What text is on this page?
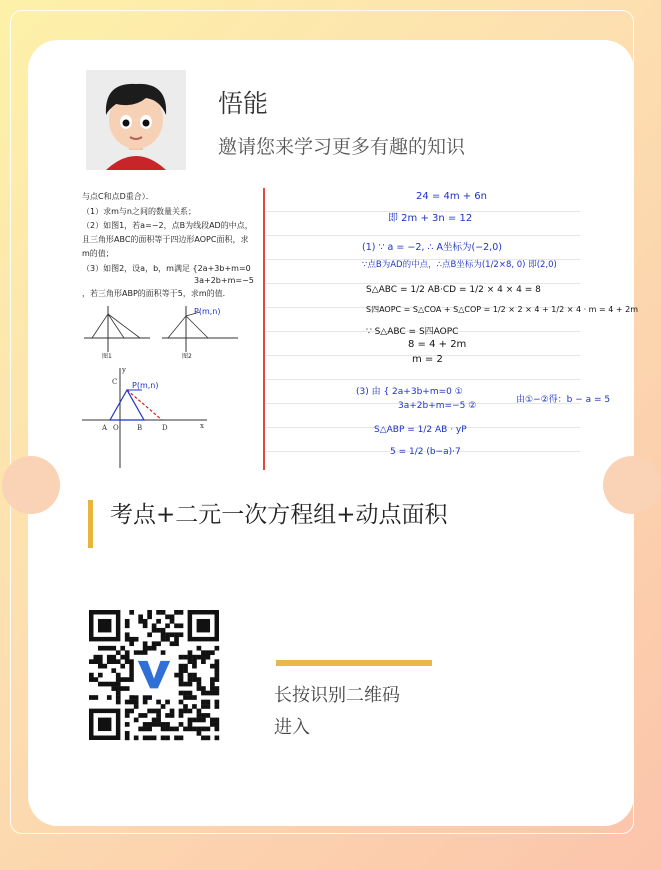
悟能
邀请您来学习更多有趣的知识
与点C和点D重合）．
（1）求m与n之间的数量关系；
（2）如图1，若a=−2，点B为线段AD的中点，
且三角形ABC的面积等于四边形AOPC面积，求
m的值；
（3）如图2，设a，b，m满足 {2a+3b+m=0
3a+2b+m=−5
，若三角形ABP的面积等于5，求m的值．
图1
P(m,n)
图2
P(m,n)
A O	B	D
C
x
y
24 = 4m + 6n
即 2m + 3n = 12
(1) ∵ a = −2, ∴ A坐标为(−2,0)
∵点B为AD的中点，∴点B坐标为(1/2×8, 0) 即(2,0)
S△ABC = 1/2 AB·CD = 1/2 × 4 × 4 = 8
S四AOPC = S△COA + S△COP = 1/2 × 2 × 4 + 1/2 × 4 · m = 4 + 2m
∵ S△ABC = S四AOPC
8 = 4 + 2m
m = 2
(3) 由 { 2a+3b+m=0 ①
3a+2b+m=−5 ②
由①−②得：b − a = 5
S△ABP = 1/2 AB · yP
5 = 1/2 (b−a)·7
考点+二元一次方程组+动点面积
长按识别二维码
进入
